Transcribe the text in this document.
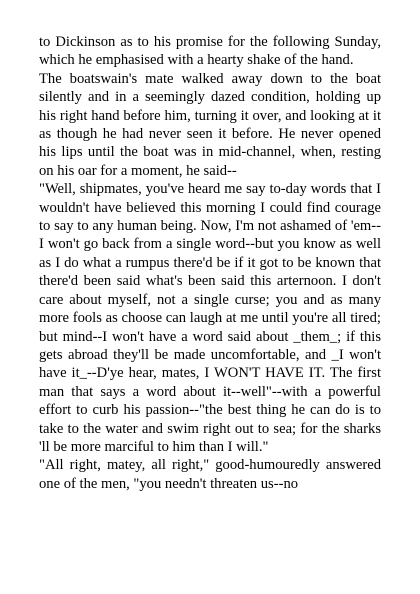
to Dickinson as to his promise for the following Sunday, which he emphasised with a hearty shake of the hand.

The boatswain's mate walked away down to the boat silently and in a seemingly dazed condition, holding up his right hand before him, turning it over, and looking at it as though he had never seen it before. He never opened his lips until the boat was in mid-channel, when, resting on his oar for a moment, he said--

"Well, shipmates, you've heard me say to-day words that I wouldn't have believed this morning I could find courage to say to any human being. Now, I'm not ashamed of 'em--I won't go back from a single word--but you know as well as I do what a rumpus there'd be if it got to be known that there'd been said what's been said this arternoon. I don't care about myself, not a single curse; you and as many more fools as choose can laugh at me until you're all tired; but mind--I won't have a word said about _them_; if this gets abroad they'll be made uncomfortable, and _I won't have it_--D'ye hear, mates, I WON'T HAVE IT. The first man that says a word about it--well"--with a powerful effort to curb his passion--"the best thing he can do is to take to the water and swim right out to sea; for the sharks 'll be more marciful to him than I will."

"All right, matey, all right," good-humouredly answered one of the men, "you needn't threaten us--no
